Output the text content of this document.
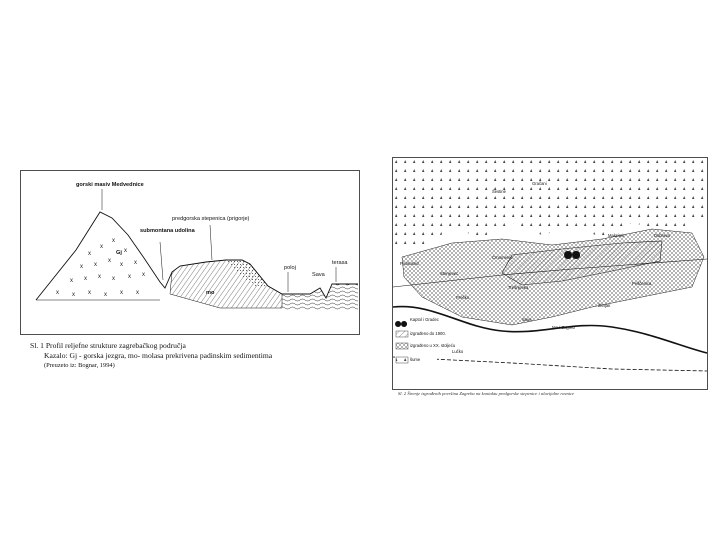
x
x
x
x
x x
x
x x
x x x x x x
x x x x x x
gorski masiv Medvednice
Gj
submontana udolina
predgorska stepenica (prigorje)
poloj
Sava
terasa
mo
Sl. 1 Profil reljefne strukture zagrebačkog područja
Kazalo: Gj - gorska jezgra, mo- molasa prekrivena padinskim sedimentima
(Preuzeto iz: Bognar, 1994)
Gračani
Šestine
Maksimir	Dubrava
Podsused
Črnomerec
Stenjevec
Trešnjevka
Peščenica
Prečko
Žitnjak
Novi Zagreb
Sava
Lučko
Kaptol i Gradec
izgrađeno do 1900.
izgrađeno u XX. stoljeću
šume
Sl. 2 Širenje izgrađenih površina Zagreba na kontaktu predgorske stepenice i aluvijalne ravnice
